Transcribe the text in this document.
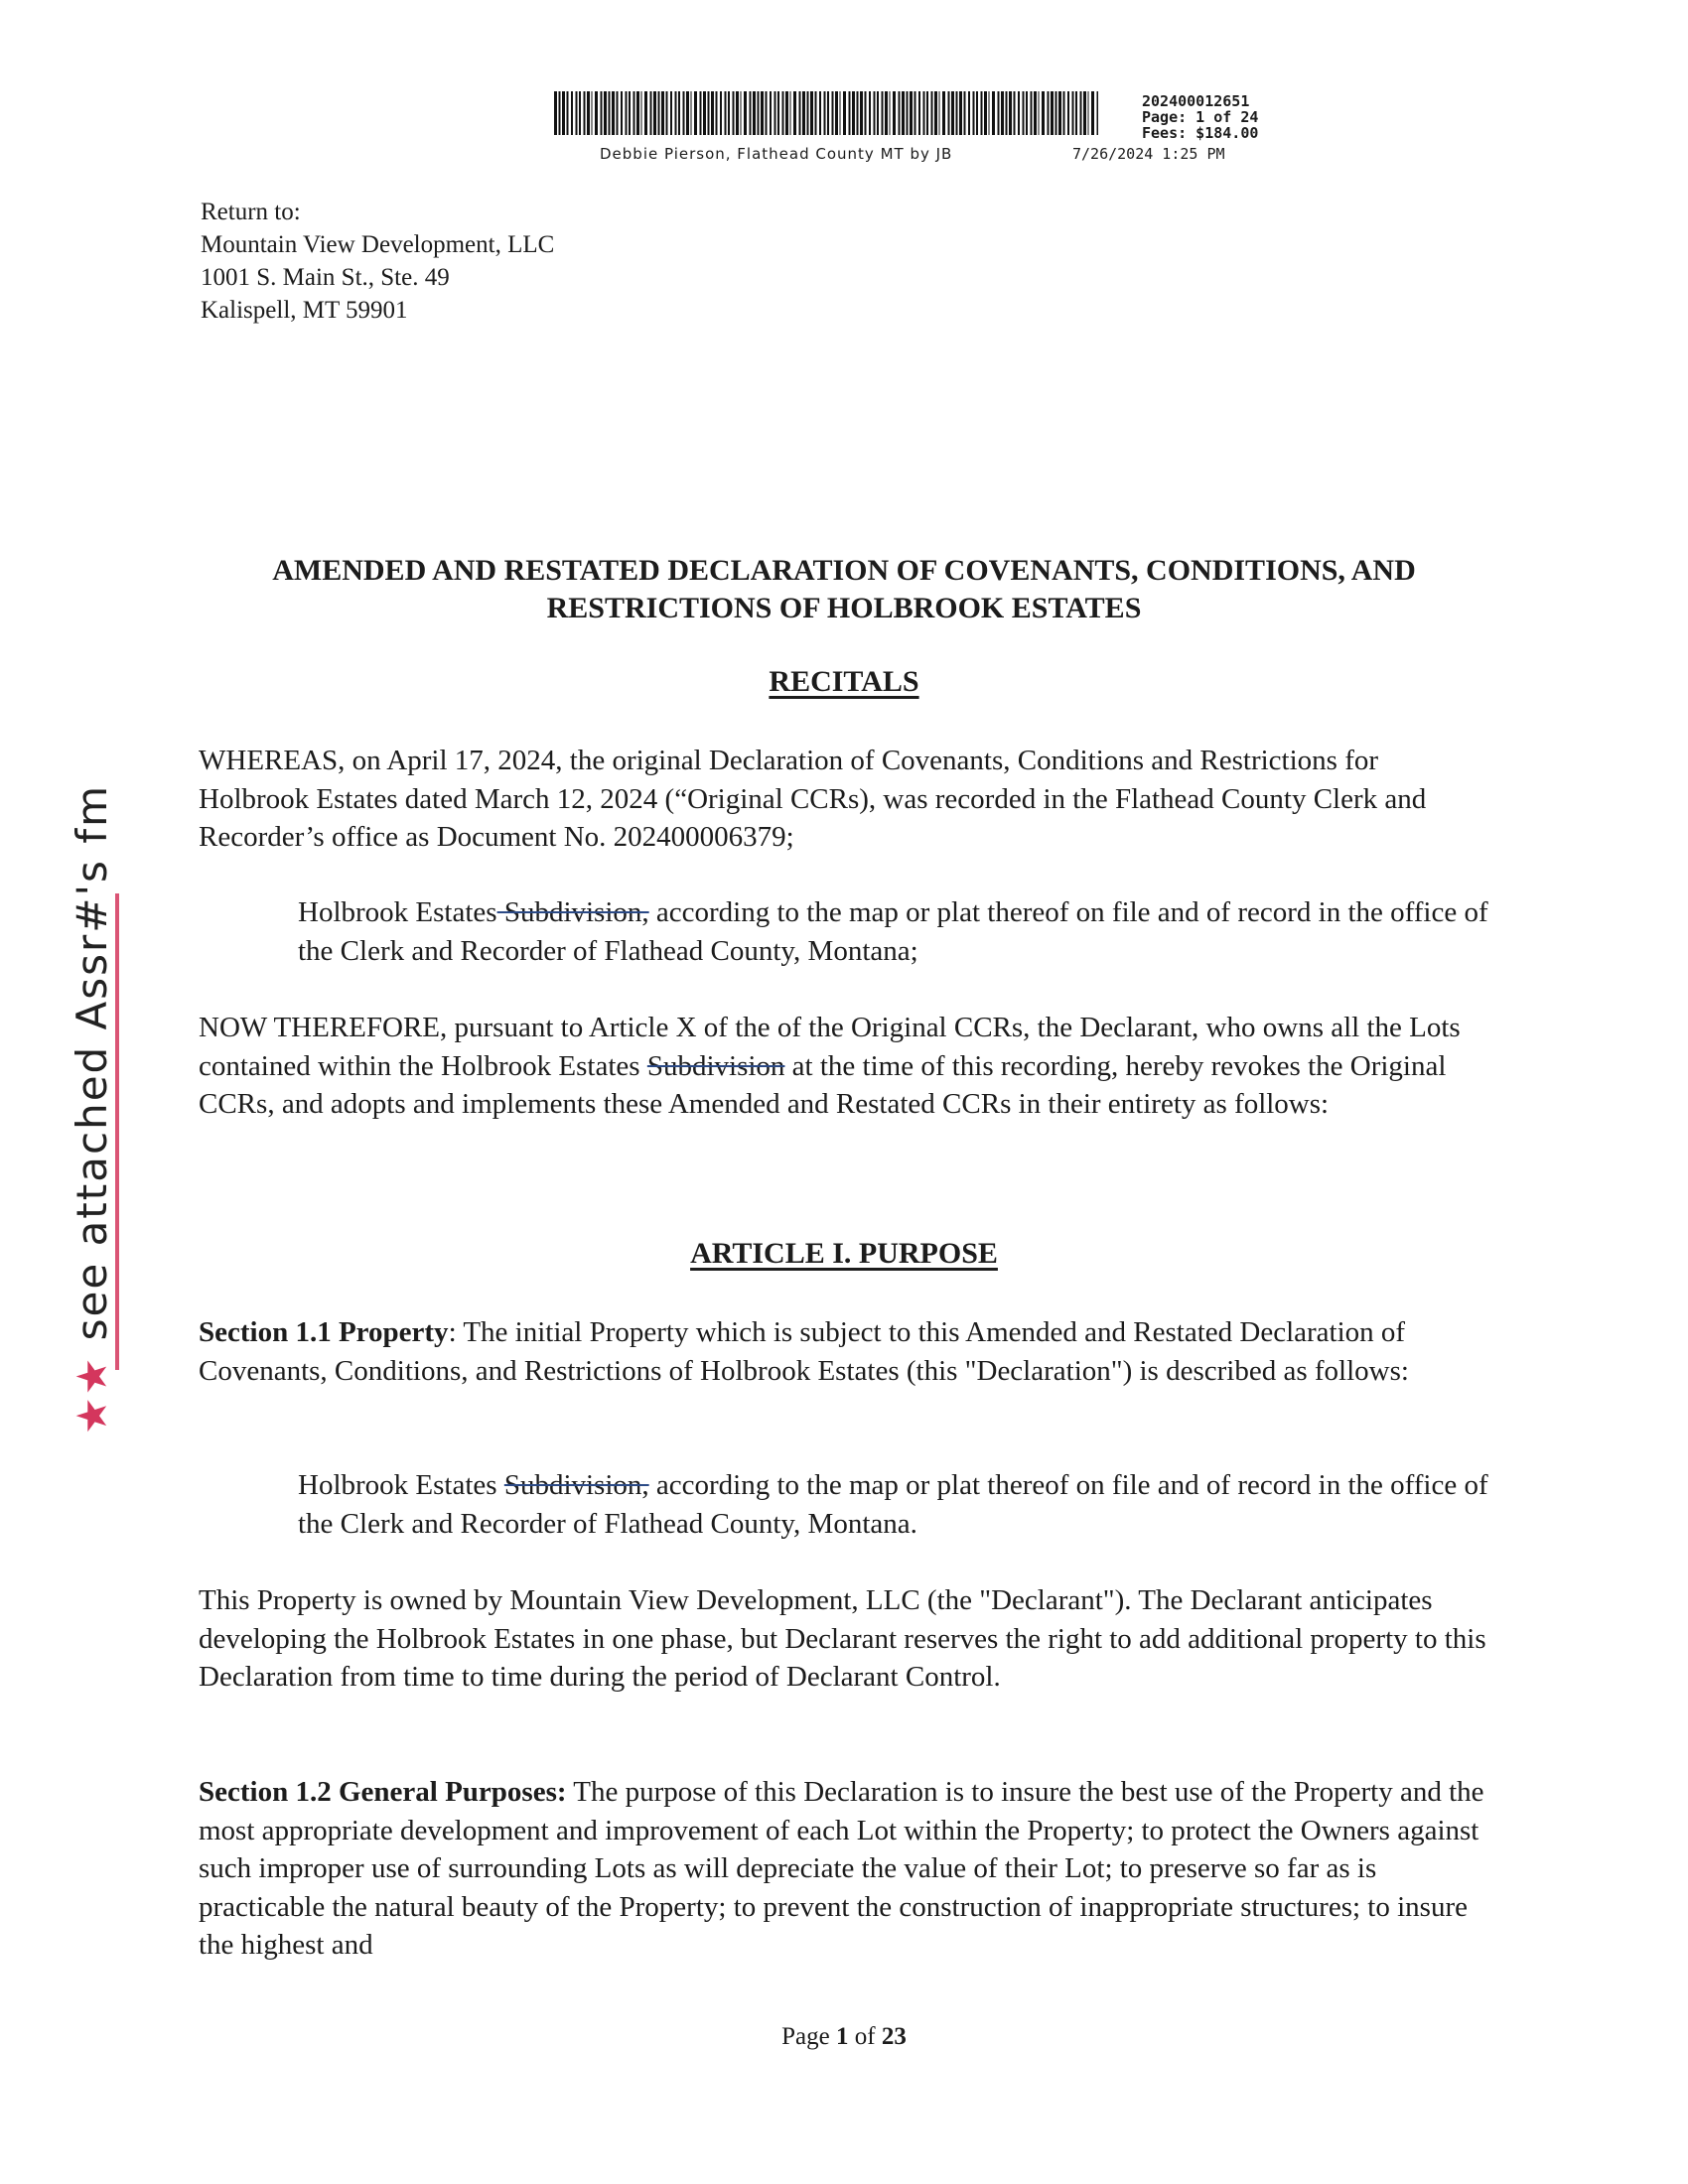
202400012651
Page: 1 of 24
Fees: $184.00
Debbie Pierson, Flathead County MT by JB	7/26/2024 1:25 PM
Return to:
Mountain View Development, LLC
1001 S. Main St., Ste. 49
Kalispell, MT 59901
AMENDED AND RESTATED DECLARATION OF COVENANTS, CONDITIONS, AND
RESTRICTIONS OF HOLBROOK ESTATES
RECITALS
WHEREAS, on April 17, 2024, the original Declaration of Covenants, Conditions and Restrictions for Holbrook Estates dated March 12, 2024 (“Original CCRs), was recorded in the Flathead County Clerk and Recorder’s office as Document No. 202400006379;
Holbrook Estates Subdivision, according to the map or plat thereof on file and of record in the office of the Clerk and Recorder of Flathead County, Montana;
NOW THEREFORE, pursuant to Article X of the of the Original CCRs, the Declarant, who owns all the Lots contained within the Holbrook Estates Subdivision at the time of this recording, hereby revokes the Original CCRs, and adopts and implements these Amended and Restated CCRs in their entirety as follows:
ARTICLE I. PURPOSE
Section 1.1 Property: The initial Property which is subject to this Amended and Restated Declaration of Covenants, Conditions, and Restrictions of Holbrook Estates (this "Declaration") is described as follows:
Holbrook Estates Subdivision, according to the map or plat thereof on file and of record in the office of the Clerk and Recorder of Flathead County, Montana.
This Property is owned by Mountain View Development, LLC (the "Declarant"). The Declarant anticipates developing the Holbrook Estates in one phase, but Declarant reserves the right to add additional property to this Declaration from time to time during the period of Declarant Control.
Section 1.2 General Purposes: The purpose of this Declaration is to insure the best use of the Property and the most appropriate development and improvement of each Lot within the Property; to protect the Owners against such improper use of surrounding Lots as will depreciate the value of their Lot; to preserve so far as is practicable the natural beauty of the Property; to prevent the construction of inappropriate structures; to insure the highest and
Page 1 of 23
★★ see attached Assr#'s fm
